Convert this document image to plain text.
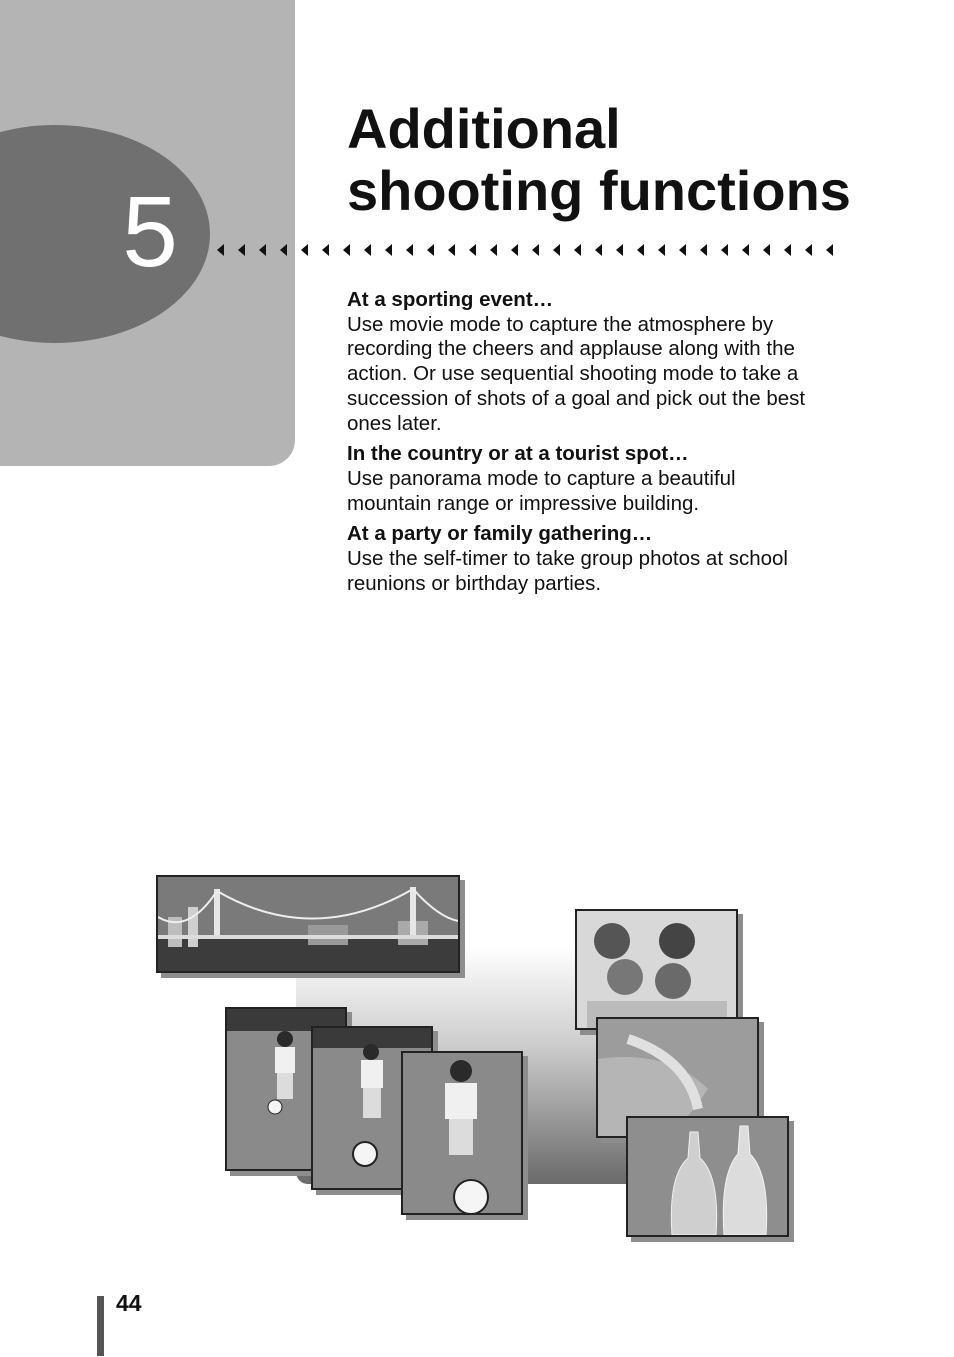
5
Additional
shooting functions
At a sporting event…
Use movie mode to capture the atmosphere by recording the cheers and applause along with the action. Or use sequential shooting mode to take a succession of shots of a goal and pick out the best ones later.
In the country or at a tourist spot…
Use panorama mode to capture a beautiful mountain range or impressive building.
At a party or family gathering…
Use the self-timer to take group photos at school reunions or birthday parties.
44
